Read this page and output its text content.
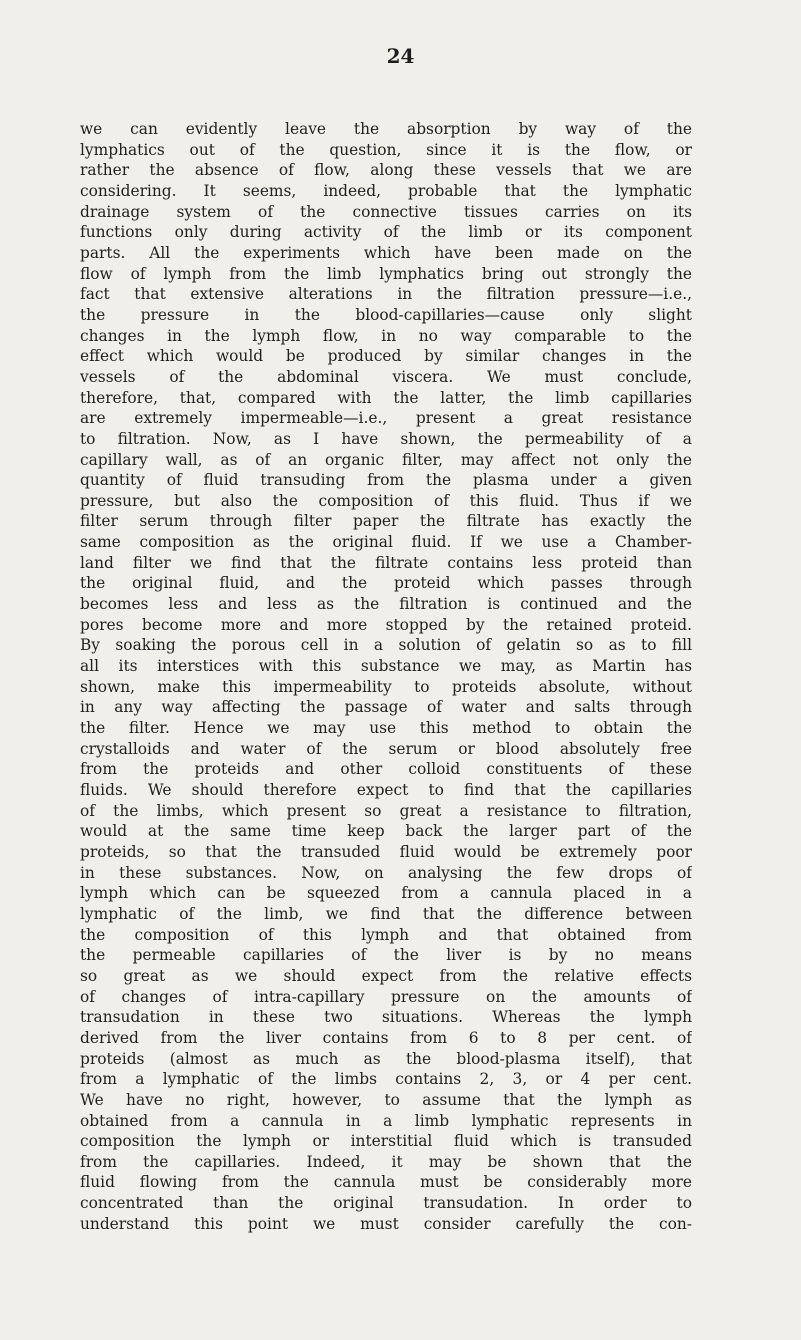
24

we can evidently leave the absorption by way of the
lymphatics out of the question, since it is the flow, or
rather the absence of flow, along these vessels that we are
considering. It seems, indeed, probable that the lymphatic
drainage system of the connective tissues carries on its
functions only during activity of the limb or its component
parts. All the experiments which have been made on the
flow of lymph from the limb lymphatics bring out strongly the
fact that extensive alterations in the filtration pressure—i.e.,
the pressure in the blood-capillaries—cause only slight
changes in the lymph flow, in no way comparable to the
effect which would be produced by similar changes in the
vessels of the abdominal viscera. We must conclude,
therefore, that, compared with the latter, the limb capillaries
are extremely impermeable—i.e., present a great resistance
to filtration. Now, as I have shown, the permeability of a
capillary wall, as of an organic filter, may affect not only the
quantity of fluid transuding from the plasma under a given
pressure, but also the composition of this fluid. Thus if we
filter serum through filter paper the filtrate has exactly the
same composition as the original fluid. If we use a Chamber-
land filter we find that the filtrate contains less proteid than
the original fluid, and the proteid which passes through
becomes less and less as the filtration is continued and the
pores become more and more stopped by the retained proteid.
By soaking the porous cell in a solution of gelatin so as to fill
all its interstices with this substance we may, as Martin has
shown, make this impermeability to proteids absolute, without
in any way affecting the passage of water and salts through
the filter. Hence we may use this method to obtain the
crystalloids and water of the serum or blood absolutely free
from the proteids and other colloid constituents of these
fluids. We should therefore expect to find that the capillaries
of the limbs, which present so great a resistance to filtration,
would at the same time keep back the larger part of the
proteids, so that the transuded fluid would be extremely poor
in these substances. Now, on analysing the few drops of
lymph which can be squeezed from a cannula placed in a
lymphatic of the limb, we find that the difference between
the composition of this lymph and that obtained from
the permeable capillaries of the liver is by no means
so great as we should expect from the relative effects
of changes of intra-capillary pressure on the amounts of
transudation in these two situations. Whereas the lymph
derived from the liver contains from 6 to 8 per cent. of
proteids (almost as much as the blood-plasma itself), that
from a lymphatic of the limbs contains 2, 3, or 4 per cent.
We have no right, however, to assume that the lymph as
obtained from a cannula in a limb lymphatic represents in
composition the lymph or interstitial fluid which is transuded
from the capillaries. Indeed, it may be shown that the
fluid flowing from the cannula must be considerably more
concentrated than the original transudation. In order to
understand this point we must consider carefully the con-
